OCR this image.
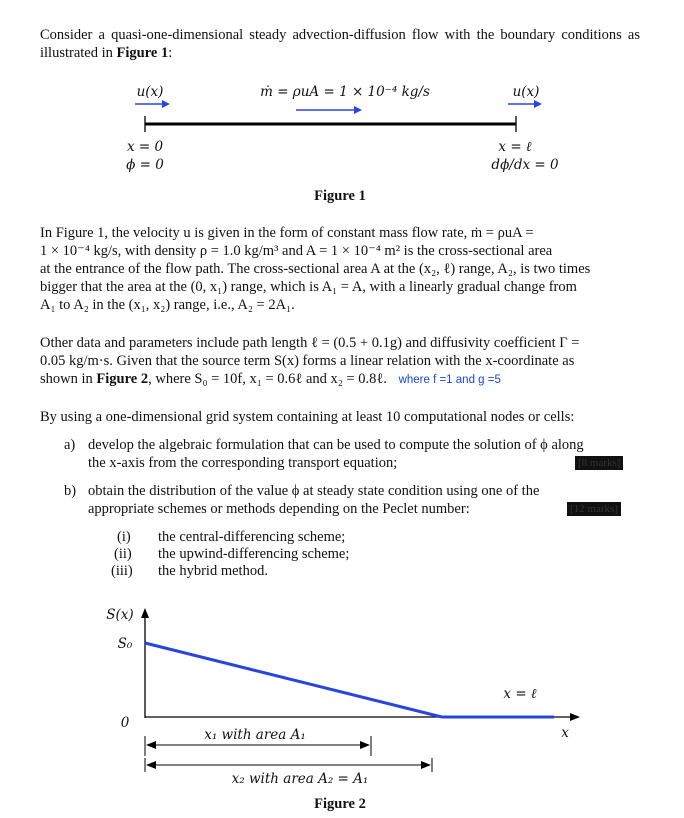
Consider a quasi-one-dimensional steady advection-diffusion flow with the boundary conditions as illustrated in Figure 1:

u(x)	ṁ = ρuA = 1 × 10⁻⁴ kg/s	u(x)
x = 0
ϕ = 0
x = ℓ
dϕ/dx = 0
Figure 1
In Figure 1, the velocity u is given in the form of constant mass flow rate, ṁ = ρuA =
1 × 10⁻⁴ kg/s, with density ρ = 1.0 kg/m³ and A = 1 × 10⁻⁴ m² is the cross-sectional area
at the entrance of the flow path. The cross-sectional area A at the (x₂, ℓ) range, A₂, is two times
bigger that the area at the (0, x₁) range, which is A₁ = A, with a linearly gradual change from
A₁ to A₂ in the (x₁, x₂) range, i.e., A₂ = 2A₁.
Other data and parameters include path length ℓ = (0.5 + 0.1g) and diffusivity coefficient Γ =
0.05 kg/m·s. Given that the source term S(x) forms a linear relation with the x-coordinate as
shown in Figure 2, where S₀ = 10f, x₁ = 0.6ℓ and x₂ = 0.8ℓ. where f =1 and g =5
By using a one-dimensional grid system containing at least 10 computational nodes or cells:
a) develop the algebraic formulation that can be used to compute the solution of ϕ along
the x-axis from the corresponding transport equation;	[8 marks]
b) obtain the distribution of the value ϕ at steady state condition using one of the
appropriate schemes or methods depending on the Peclet number:	[12 marks]
(i) the central-differencing scheme;
(ii) the upwind-differencing scheme;
(iii) the hybrid method.
S(x)
S₀
0
x = ℓ
x
x₁ with area A₁
x₂ with area A₂ = A₁
Figure 2
